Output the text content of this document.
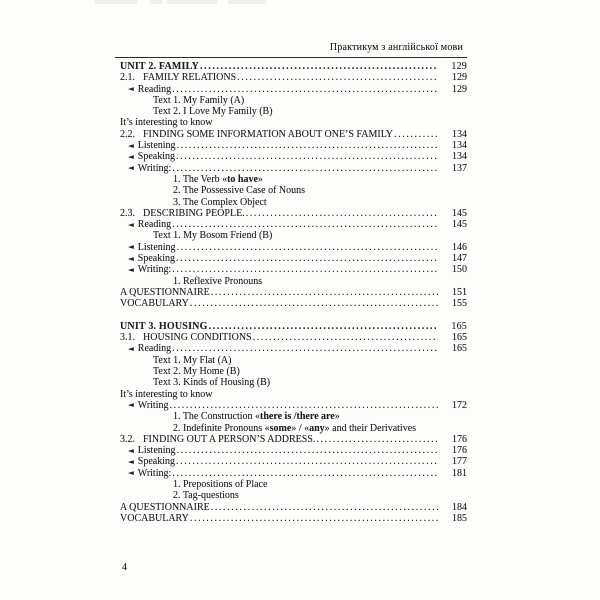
Практикум з англійської мови
UNIT 2. FAMILY .....	129
2.1. FAMILY RELATIONS .....	129
◄ Reading .....	129
Text 1. My Family (A)
Text 2. I Love My Family (B)
It’s interesting to know
2.2. FINDING SOME INFORMATION ABOUT ONE’S FAMILY .....	134
◄ Listening .....	134
◄ Speaking .....	134
◄ Writing: .....	137
1. The Verb «to have»
2. The Possessive Case of Nouns
3. The Complex Object
2.3. DESCRIBING PEOPLE. .....	145
◄ Reading .....	145
Text 1. My Bosom Friend (B)
◄ Listening .....	146
◄ Speaking .....	147
◄ Writing: .....	150
1. Reflexive Pronouns
A QUESTIONNAIRE .....	151
VOCABULARY .....	155
UNIT 3. HOUSING .....	165
3.1. HOUSING CONDITIONS .....	165
◄ Reading .....	165
Text 1. My Flat (A)
Text 2. My Home (B)
Text 3. Kinds of Housing (B)
It’s interesting to know
◄ Writing .....	172
1. The Construction «there is /there are»
2. Indefinite Pronouns «some» / «any» and their Derivatives
3.2. FINDING OUT A PERSON’S ADDRESS. .....	176
◄ Listening .....	176
◄ Speaking .....	177
◄ Writing: .....	181
1. Prepositions of Place
2. Tag-questions
A QUESTIONNAIRE .....	184
VOCABULARY .....	185
4
